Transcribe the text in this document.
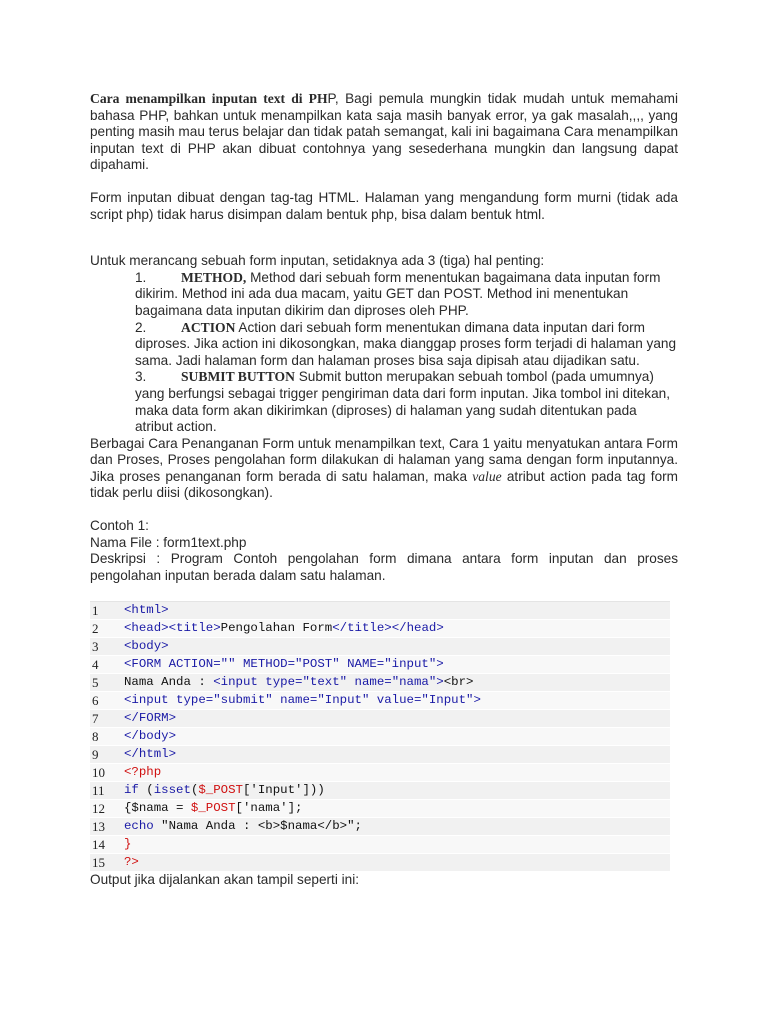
Cara menampilkan inputan text di PHP, Bagi pemula mungkin tidak mudah untuk memahami bahasa PHP, bahkan untuk menampilkan kata saja masih banyak error, ya gak masalah,,,, yang penting masih mau terus belajar dan tidak patah semangat, kali ini bagaimana Cara menampilkan inputan text di PHP akan dibuat contohnya yang sesederhana mungkin dan langsung dapat dipahami.

Form inputan dibuat dengan tag-tag HTML. Halaman yang mengandung form murni (tidak ada script php) tidak harus disimpan dalam bentuk php, bisa dalam bentuk html.

Untuk merancang sebuah form inputan, setidaknya ada 3 (tiga) hal penting:

1.	METHOD, Method dari sebuah form menentukan bagaimana data inputan form dikirim. Method ini ada dua macam, yaitu GET dan POST. Method ini menentukan bagaimana data inputan dikirim dan diproses oleh PHP.
2.	ACTION Action dari sebuah form menentukan dimana data inputan dari form diproses. Jika action ini dikosongkan, maka dianggap proses form terjadi di halaman yang sama. Jadi halaman form dan halaman proses bisa saja dipisah atau dijadikan satu.
3.	SUBMIT BUTTON Submit button merupakan sebuah tombol (pada umumnya) yang berfungsi sebagai trigger pengiriman data dari form inputan. Jika tombol ini ditekan, maka data form akan dikirimkan (diproses) di halaman yang sudah ditentukan pada atribut action.

Berbagai Cara Penanganan Form untuk menampilkan text, Cara 1 yaitu menyatukan antara Form dan Proses, Proses pengolahan form dilakukan di halaman yang sama dengan form inputannya. Jika proses penanganan form berada di satu halaman, maka value atribut action pada tag form tidak perlu diisi (dikosongkan).

Contoh 1:

Nama File : form1text.php

Deskripsi : Program Contoh pengolahan form dimana antara form inputan dan proses pengolahan inputan berada dalam satu halaman.

1	<html>
2	<head><title>Pengolahan Form</title></head>
3	<body>
4	<FORM ACTION="" METHOD="POST" NAME="input">
5	Nama Anda : <input type="text" name="nama"><br>
6	<input type="submit" name="Input" value="Input">
7	</FORM>
8	</body>
9	</html>
10	<?php
11	if (isset($_POST['Input']))
12	{$nama = $_POST['nama'];
13	echo "Nama Anda : <b>$nama</b>";
14	}
15	?>

Output jika dijalankan akan tampil seperti ini:
